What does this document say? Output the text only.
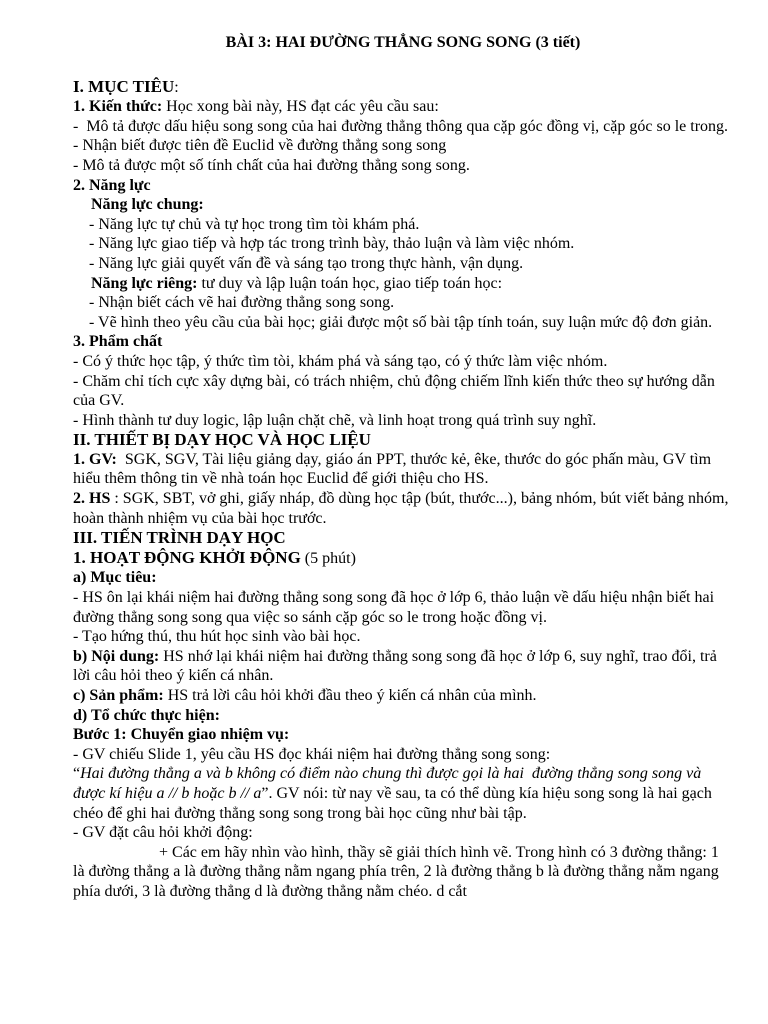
BÀI 3: HAI ĐƯỜNG THẲNG SONG SONG (3 tiết)
I. MỤC TIÊU:
1. Kiến thức: Học xong bài này, HS đạt các yêu cầu sau:
-  Mô tả được dấu hiệu song song của hai đường thẳng thông qua cặp góc đồng vị, cặp góc so le trong.
- Nhận biết được tiên đề Euclid về đường thẳng song song
- Mô tả được một số tính chất của hai đường thẳng song song.
2. Năng lực
Năng lực chung:
- Năng lực tự chủ và tự học trong tìm tòi khám phá.
- Năng lực giao tiếp và hợp tác trong trình bày, thảo luận và làm việc nhóm.
- Năng lực giải quyết vấn đề và sáng tạo trong thực hành, vận dụng.
Năng lực riêng: tư duy và lập luận toán học, giao tiếp toán học:
- Nhận biết cách vẽ hai đường thẳng song song.
- Vẽ hình theo yêu cầu của bài học; giải được một số bài tập tính toán, suy luận mức độ đơn giản.
3. Phẩm chất
- Có ý thức học tập, ý thức tìm tòi, khám phá và sáng tạo, có ý thức làm việc nhóm.
- Chăm chỉ tích cực xây dựng bài, có trách nhiệm, chủ động chiếm lĩnh kiến thức theo sự hướng dẫn của GV.
- Hình thành tư duy logic, lập luận chặt chẽ, và linh hoạt trong quá trình suy nghĩ.
II. THIẾT BỊ DẠY HỌC VÀ HỌC LIỆU
1. GV:  SGK, SGV, Tài liệu giảng dạy, giáo án PPT, thước kẻ, êke, thước do góc phấn màu, GV tìm hiểu thêm thông tin về nhà toán học Euclid để giới thiệu cho HS.
2. HS : SGK, SBT, vở ghi, giấy nháp, đồ dùng học tập (bút, thước...), bảng nhóm, bút viết bảng nhóm, hoàn thành nhiệm vụ của bài học trước.
III. TIẾN TRÌNH DẠY HỌC
1. HOẠT ĐỘNG KHỞI ĐỘNG (5 phút)
a) Mục tiêu:
- HS ôn lại khái niệm hai đường thẳng song song đã học ở lớp 6, thảo luận về dấu hiệu nhận biết hai đường thẳng song song qua việc so sánh cặp góc so le trong hoặc đồng vị.
- Tạo hứng thú, thu hút học sinh vào bài học.
b) Nội dung: HS nhớ lại khái niệm hai đường thẳng song song đã học ở lớp 6, suy nghĩ, trao đổi, trả lời câu hỏi theo ý kiến cá nhân.
c) Sản phẩm: HS trả lời câu hỏi khởi đầu theo ý kiến cá nhân của mình.
d) Tổ chức thực hiện:
Bước 1: Chuyển giao nhiệm vụ:
- GV chiếu Slide 1, yêu cầu HS đọc khái niệm hai đường thẳng song song:
“Hai đường thẳng a và b không có điểm nào chung thì được gọi là hai  đường thẳng song song và được kí hiệu a // b hoặc b // a”. GV nói: từ nay về sau, ta có thể dùng kía hiệu song song là hai gạch chéo để ghi hai đường thẳng song song trong bài học cũng như bài tập.
- GV đặt câu hỏi khởi động:
+ Các em hãy nhìn vào hình, thầy sẽ giải thích hình vẽ. Trong hình có 3 đường thẳng: 1 là đường thẳng a là đường thẳng nằm ngang phía trên, 2 là đường thẳng b là đường thẳng nằm ngang phía dưới, 3 là đường thẳng d là đường thẳng nằm chéo. d cắt
